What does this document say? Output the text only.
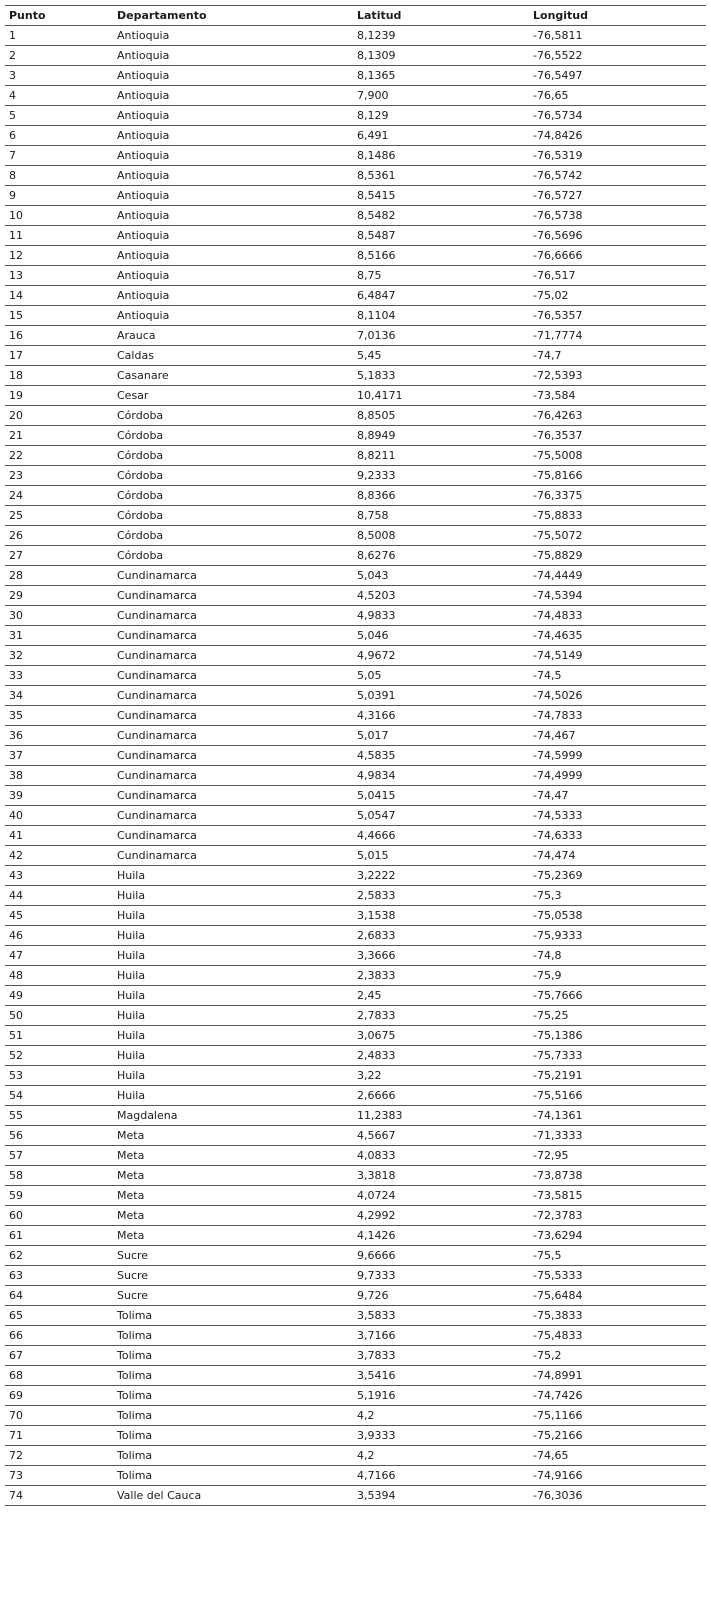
Punto	Departamento	Latitud	Longitud
1	Antioquia	8,1239	-76,5811
2	Antioquia	8,1309	-76,5522
3	Antioquia	8,1365	-76,5497
4	Antioquia	7,900	-76,65
5	Antioquia	8,129	-76,5734
6	Antioquia	6,491	-74,8426
7	Antioquia	8,1486	-76,5319
8	Antioquia	8,5361	-76,5742
9	Antioquia	8,5415	-76,5727
10	Antioquia	8,5482	-76,5738
11	Antioquia	8,5487	-76,5696
12	Antioquia	8,5166	-76,6666
13	Antioquia	8,75	-76,517
14	Antioquia	6,4847	-75,02
15	Antioquia	8,1104	-76,5357
16	Arauca	7,0136	-71,7774
17	Caldas	5,45	-74,7
18	Casanare	5,1833	-72,5393
19	Cesar	10,4171	-73,584
20	Córdoba	8,8505	-76,4263
21	Córdoba	8,8949	-76,3537
22	Córdoba	8,8211	-75,5008
23	Córdoba	9,2333	-75,8166
24	Córdoba	8,8366	-76,3375
25	Córdoba	8,758	-75,8833
26	Córdoba	8,5008	-75,5072
27	Córdoba	8,6276	-75,8829
28	Cundinamarca	5,043	-74,4449
29	Cundinamarca	4,5203	-74,5394
30	Cundinamarca	4,9833	-74,4833
31	Cundinamarca	5,046	-74,4635
32	Cundinamarca	4,9672	-74,5149
33	Cundinamarca	5,05	-74,5
34	Cundinamarca	5,0391	-74,5026
35	Cundinamarca	4,3166	-74,7833
36	Cundinamarca	5,017	-74,467
37	Cundinamarca	4,5835	-74,5999
38	Cundinamarca	4,9834	-74,4999
39	Cundinamarca	5,0415	-74,47
40	Cundinamarca	5,0547	-74,5333
41	Cundinamarca	4,4666	-74,6333
42	Cundinamarca	5,015	-74,474
43	Huila	3,2222	-75,2369
44	Huila	2,5833	-75,3
45	Huila	3,1538	-75,0538
46	Huila	2,6833	-75,9333
47	Huila	3,3666	-74,8
48	Huila	2,3833	-75,9
49	Huila	2,45	-75,7666
50	Huila	2,7833	-75,25
51	Huila	3,0675	-75,1386
52	Huila	2,4833	-75,7333
53	Huila	3,22	-75,2191
54	Huila	2,6666	-75,5166
55	Magdalena	11,2383	-74,1361
56	Meta	4,5667	-71,3333
57	Meta	4,0833	-72,95
58	Meta	3,3818	-73,8738
59	Meta	4,0724	-73,5815
60	Meta	4,2992	-72,3783
61	Meta	4,1426	-73,6294
62	Sucre	9,6666	-75,5
63	Sucre	9,7333	-75,5333
64	Sucre	9,726	-75,6484
65	Tolima	3,5833	-75,3833
66	Tolima	3,7166	-75,4833
67	Tolima	3,7833	-75,2
68	Tolima	3,5416	-74,8991
69	Tolima	5,1916	-74,7426
70	Tolima	4,2	-75,1166
71	Tolima	3,9333	-75,2166
72	Tolima	4,2	-74,65
73	Tolima	4,7166	-74,9166
74	Valle del Cauca	3,5394	-76,3036
